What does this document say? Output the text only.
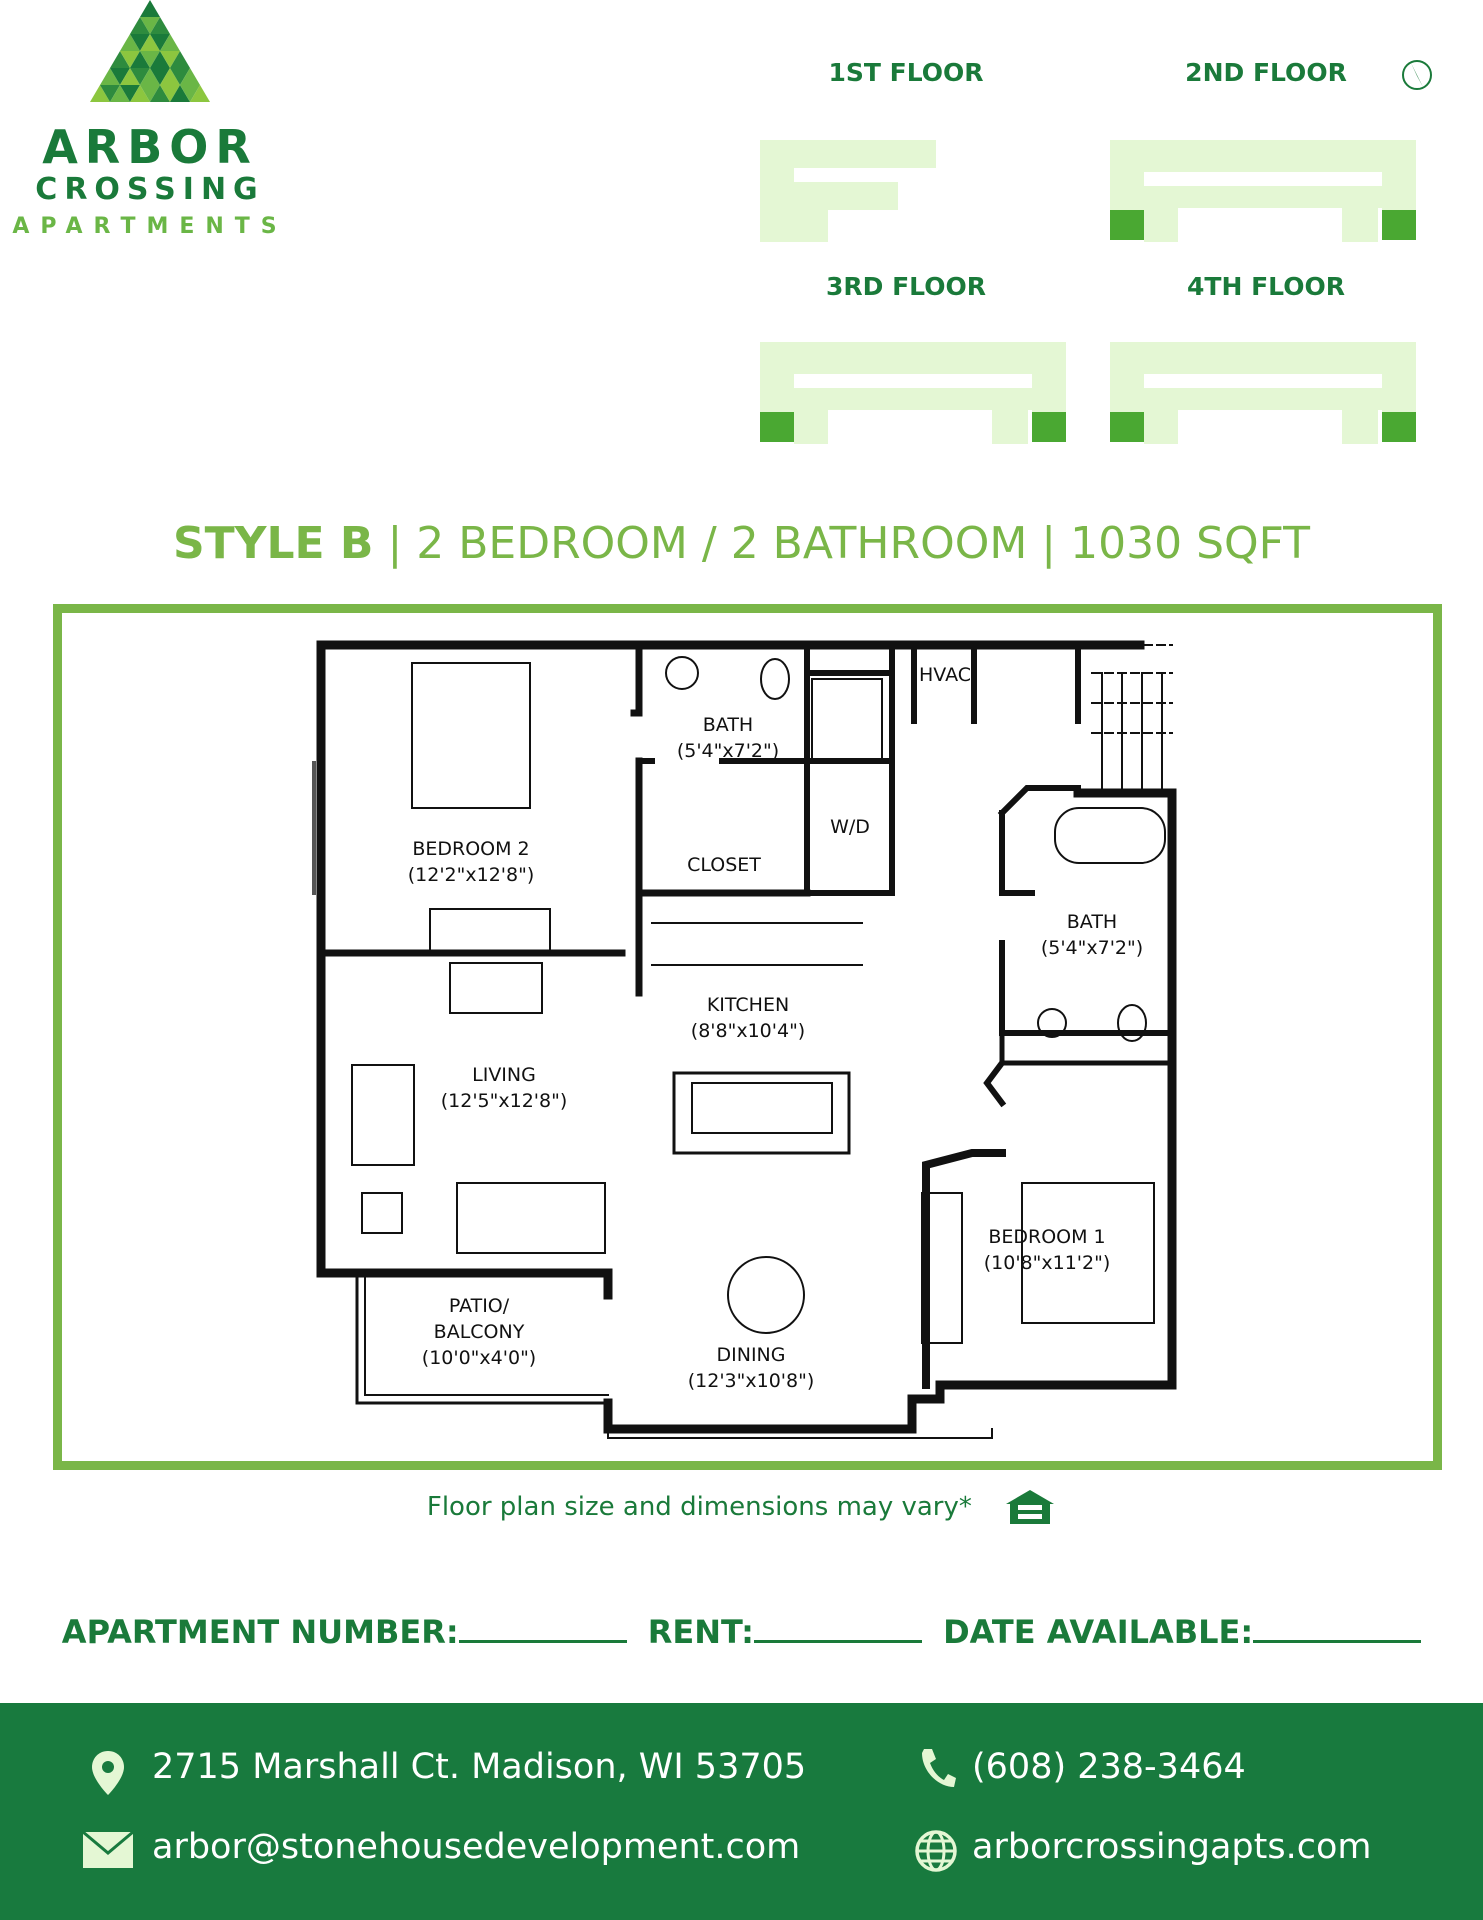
ARBOR
CROSSING
APARTMENTS
1ST FLOOR	2ND FLOOR
3RD FLOOR	4TH FLOOR
STYLE B | 2 BEDROOM / 2 BATHROOM | 1030 SQFT
BEDROOM 2
(12'2"x12'8")
BATH
(5'4"x7'2")
CLOSET
HVAC
W/D
BATH
(5'4"x7'2")
KITCHEN
(8'8"x10'4")
LIVING
(12'5"x12'8")
BEDROOM 1
(10'8"x11'2")
PATIO/
BALCONY
(10'0"x4'0")	DINING
(12'3"x10'8")
Floor plan size and dimensions may vary*
APARTMENT NUMBER:	RENT:	DATE AVAILABLE:
2715 Marshall Ct. Madison, WI 53705	(608) 238-3464
arbor@stonehousedevelopment.com	arborcrossingapts.com
